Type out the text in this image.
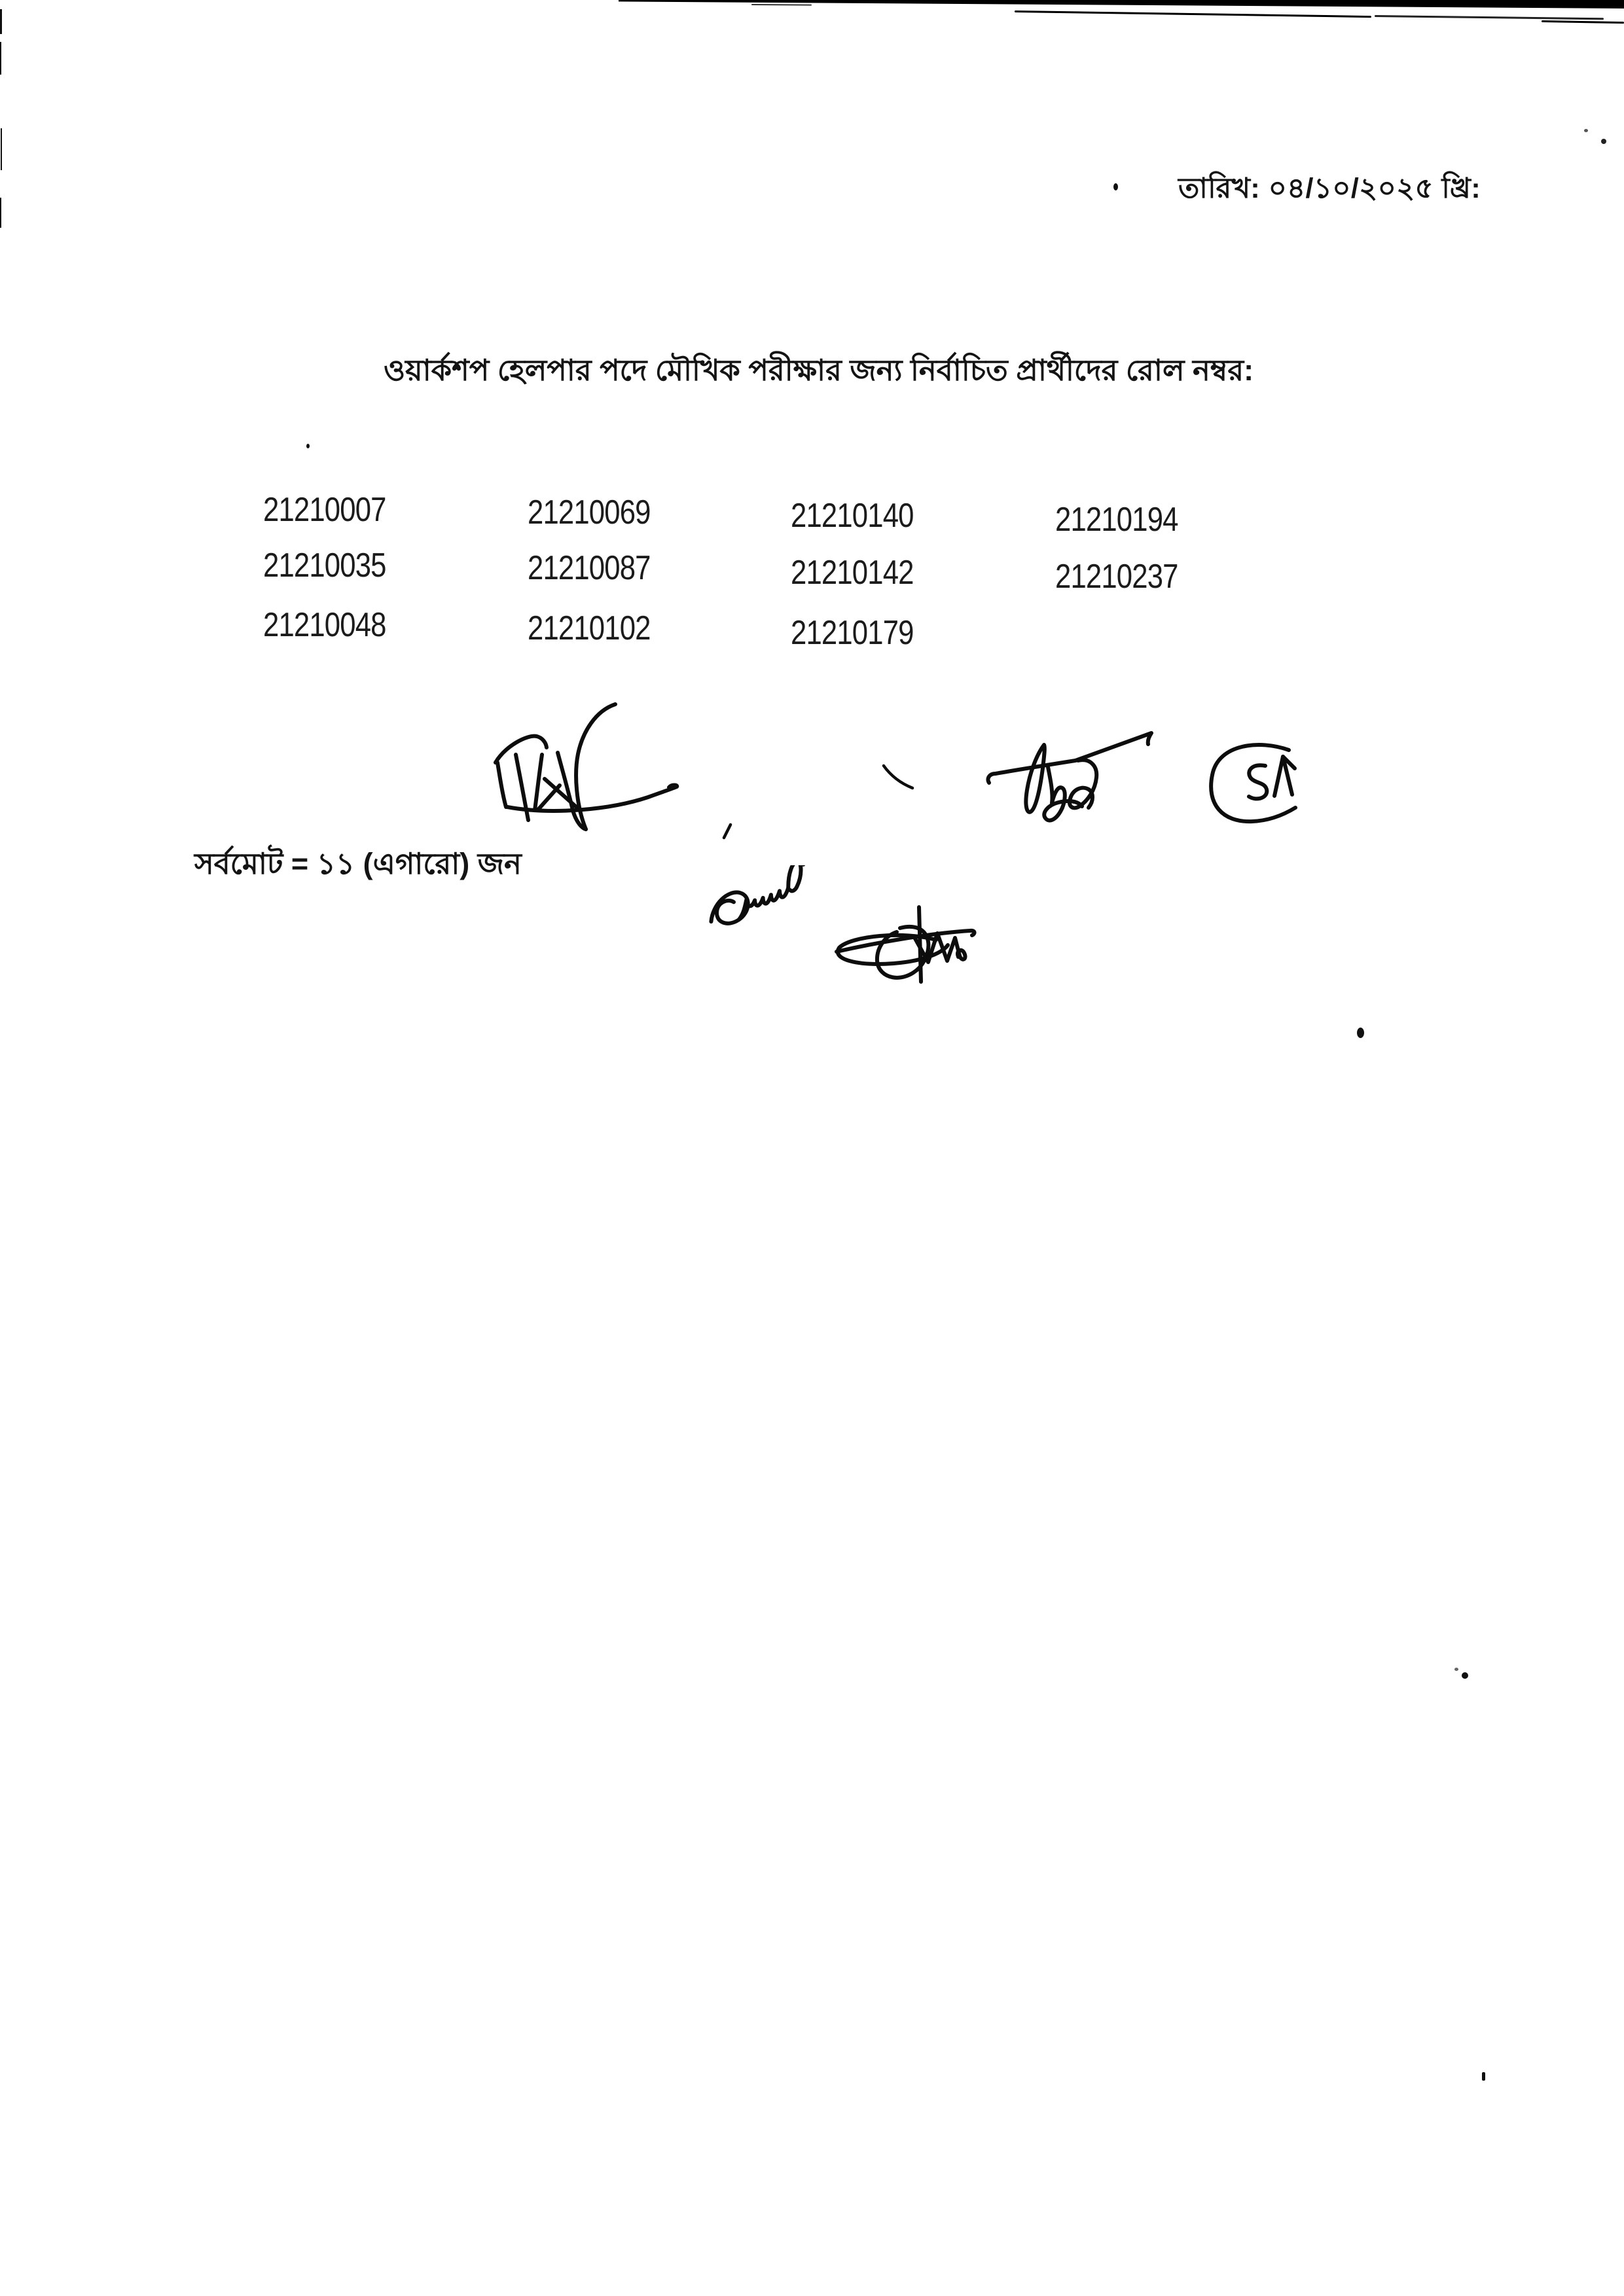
তারিখ: ০৪/১০/২০২৫ খ্রি:
ওয়ার্কশপ হেলপার পদে মৌখিক পরীক্ষার জন্য নির্বাচিত প্রার্থীদের রোল নম্বর:
21210007	21210069	21210140	21210194
21210035	21210087	21210142	21210237
21210048	21210102	21210179
সর্বমোট = ১১ (এগারো) জন
